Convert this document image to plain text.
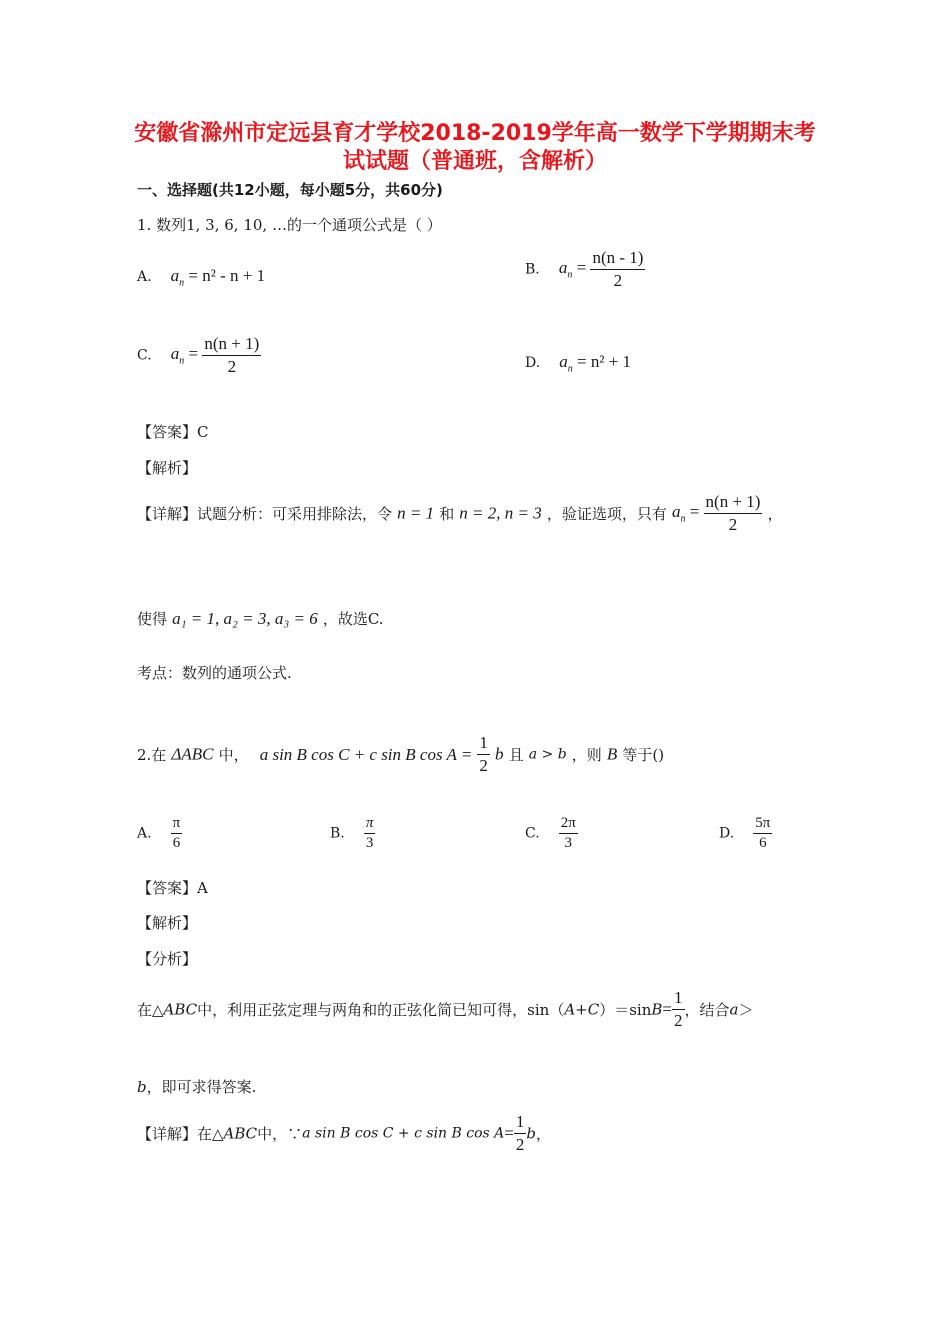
安徽省滁州市定远县育才学校2018-2019学年高一数学下学期期末考
试试题（普通班，含解析）
一、选择题(共12小题，每小题5分，共60分)
1. 数列1, 3, 6, 10, …的一个通项公式是（ ）
A. $a_n = n^2 - n + 1$	B. $a_n = \frac{n(n - 1)}{2}$
C. $a_n = \frac{n(n + 1)}{2}$	D. $a_n = n^2 + 1$
【答案】C
【解析】
【详解】试题分析：可采用排除法，令 n = 1 和 n = 2, n = 3 ，验证选项，只有 $a_n = \frac{n(n + 1)}{2}$ ，
使得 a₁ = 1, a₂ = 3, a₃ = 6 ，故选C.
考点：数列的通项公式.
2.在 ΔABC 中， a sin B cos C + c sin B $\cos A = \frac{1}{2}$ b 且 a > b ，则 B 等于()
A. $\frac{\pi}{6}$	B. $\frac{\pi}{3}$	C. $\frac{2\pi}{3}$	D. $\frac{5\pi}{6}$
【答案】A
【解析】
【分析】
在△ABC中，利用正弦定理与两角和的正弦化简已知可得，$\sin(A+C)=\sin B= \frac{1}{2}$ ，结合a＞
b，即可求得答案.
【详解】在△ABC中，∵a sin B cos C + c sin B $\cos A= \frac{1}{2}$ b，
